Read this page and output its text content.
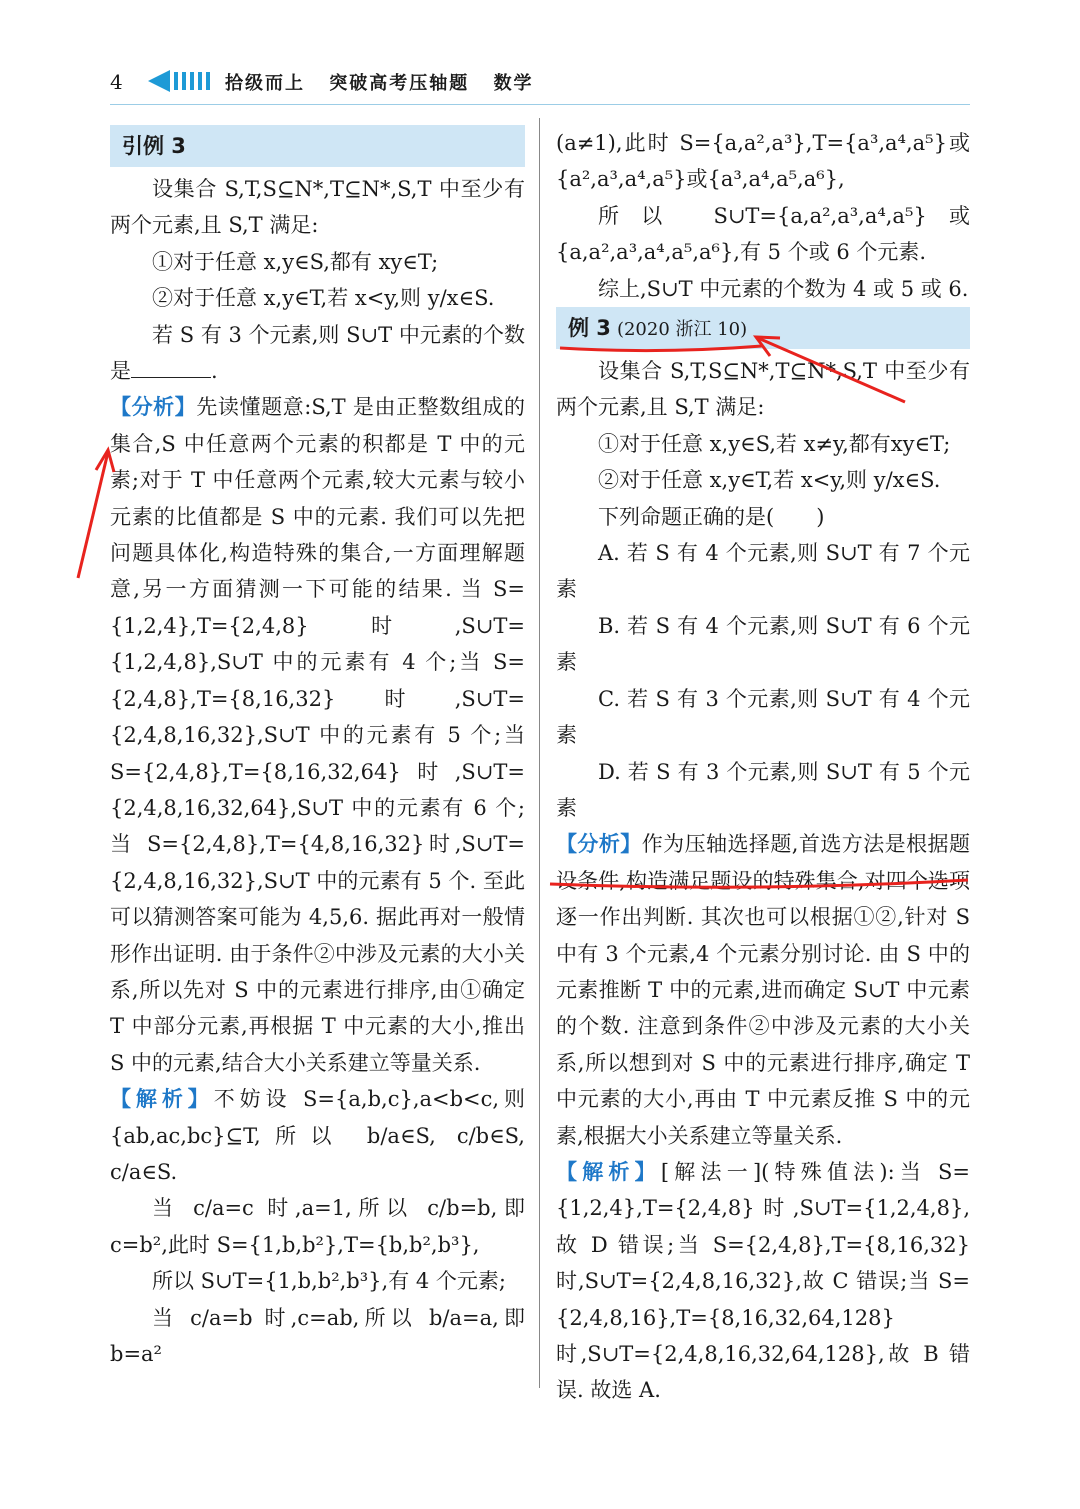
4	拾级而上 突破高考压轴题 数学
引例 3

设集合 S,T,S⊆N*,T⊆N*,S,T 中至少有两个元素,且 S,T 满足:

①对于任意 x,y∈S,都有 xy∈T;

②对于任意 x,y∈T,若 x<y,则 y/x∈S.

若 S 有 3 个元素,则 S∪T 中元素的个数是	.

【分析】先读懂题意:S,T 是由正整数组成的集合,S 中任意两个元素的积都是 T 中的元素;对于 T 中任意两个元素,较大元素与较小元素的比值都是 S 中的元素. 我们可以先把问题具体化,构造特殊的集合,一方面理解题意,另一方面猜测一下可能的结果. 当 S={1,2,4},T={2,4,8}时,S∪T={1,2,4,8},S∪T 中的元素有 4 个;当 S={2,4,8},T={8,16,32}时,S∪T={2,4,8,16,32},S∪T 中的元素有 5 个;当 S={2,4,8},T={8,16,32,64}时,S∪T={2,4,8,16,32,64},S∪T 中的元素有 6 个;当 S={2,4,8},T={4,8,16,32}时,S∪T={2,4,8,16,32},S∪T 中的元素有 5 个. 至此可以猜测答案可能为 4,5,6. 据此再对一般情形作出证明. 由于条件②中涉及元素的大小关系,所以先对 S 中的元素进行排序,由①确定 T 中部分元素,再根据 T 中元素的大小,推出 S 中的元素,结合大小关系建立等量关系.

【解析】不妨设 S={a,b,c},a<b<c,则{ab,ac,bc}⊆T,所以 b/a∈S, c/b∈S, c/a∈S.

当 c/a=c 时,a=1,所以 c/b=b,即 c=b²,此时 S={1,b,b²},T={b,b²,b³},

所以 S∪T={1,b,b²,b³},有 4 个元素;

当 c/a=b 时,c=ab,所以 b/a=a,即 b=a²

(a≠1),此时 S={a,a²,a³},T={a³,a⁴,a⁵}或{a²,a³,a⁴,a⁵}或{a³,a⁴,a⁵,a⁶},

所以 S∪T={a,a²,a³,a⁴,a⁵}或{a,a²,a³,a⁴,a⁵,a⁶},有 5 个或 6 个元素.

综上,S∪T 中元素的个数为 4 或 5 或 6.

例 3 (2020 浙江 10)

设集合 S,T,S⊆N*,T⊆N*,S,T 中至少有两个元素,且 S,T 满足:

①对于任意 x,y∈S,若 x≠y,都有xy∈T;

②对于任意 x,y∈T,若 x<y,则 y/x∈S.

下列命题正确的是(　　)

A. 若 S 有 4 个元素,则 S∪T 有 7 个元素

B. 若 S 有 4 个元素,则 S∪T 有 6 个元素

C. 若 S 有 3 个元素,则 S∪T 有 4 个元素

D. 若 S 有 3 个元素,则 S∪T 有 5 个元素

【分析】作为压轴选择题,首选方法是根据题设条件,构造满足题设的特殊集合,对四个选项逐一作出判断. 其次也可以根据①②,针对 S 中有 3 个元素,4 个元素分别讨论. 由 S 中的元素推断 T 中的元素,进而确定 S∪T 中元素的个数. 注意到条件②中涉及元素的大小关系,所以想到对 S 中的元素进行排序,确定 T 中元素的大小,再由 T 中元素反推 S 中的元素,根据大小关系建立等量关系.

【解析】[解法一](特殊值法):当 S={1,2,4},T={2,4,8}时,S∪T={1,2,4,8},故 D 错误;当 S={2,4,8},T={8,16,32}时,S∪T={2,4,8,16,32},故 C 错误;当 S={2,4,8,16},T={8,16,32,64,128}时,S∪T={2,4,8,16,32,64,128},故 B 错误. 故选 A.
